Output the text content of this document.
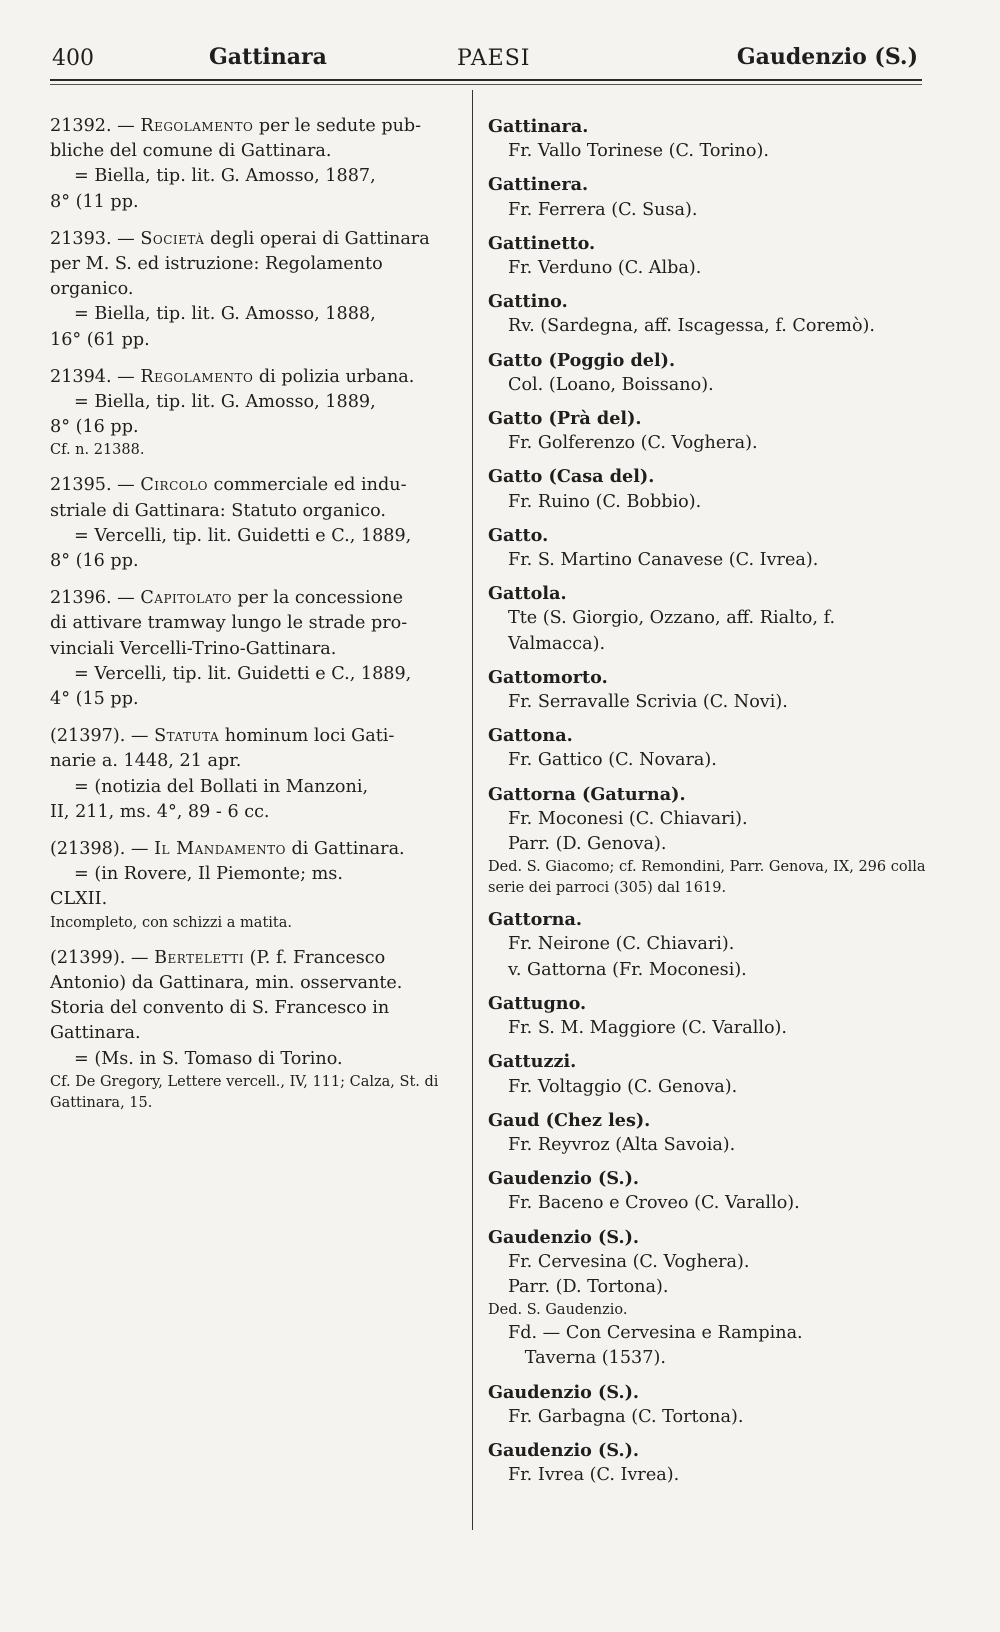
400	Gattinara	PAESI	Gaudenzio (S.)

21392. — Regolamento per le sedute pub-

bliche del comune di Gattinara.

= Biella, tip. lit. G. Amosso, 1887,

8° (11 pp.

21393. — Società degli operai di Gattinara

per M. S. ed istruzione: Regolamento

organico.

= Biella, tip. lit. G. Amosso, 1888,

16° (61 pp.

21394. — Regolamento di polizia urbana.

= Biella, tip. lit. G. Amosso, 1889,

8° (16 pp.

Cf. n. 21388.

21395. — Circolo commerciale ed indu-

striale di Gattinara: Statuto organico.

= Vercelli, tip. lit. Guidetti e C., 1889,

8° (16 pp.

21396. — Capitolato per la concessione

di attivare tramway lungo le strade pro-

vinciali Vercelli-Trino-Gattinara.

= Vercelli, tip. lit. Guidetti e C., 1889,

4° (15 pp.

(21397). — Statuta hominum loci Gati-

narie a. 1448, 21 apr.

= (notizia del Bollati in Manzoni,

II, 211, ms. 4°, 89 - 6 cc.

(21398). — Il Mandamento di Gattinara.

= (in Rovere, Il Piemonte; ms.

CLXII.

Incompleto, con schizzi a matita.

(21399). — Berteletti (P. f. Francesco

Antonio) da Gattinara, min. osservante.

Storia del convento di S. Francesco in

Gattinara.

= (Ms. in S. Tomaso di Torino.

Cf. De Gregory, Lettere vercell., IV, 111; Calza, St. di Gattinara, 15.

Gattinara.

Fr. Vallo Torinese (C. Torino).

Gattinera.

Fr. Ferrera (C. Susa).

Gattinetto.

Fr. Verduno (C. Alba).

Gattino.

Rv. (Sardegna, aff. Iscagessa, f. Coremò).

Gatto (Poggio del).

Col. (Loano, Boissano).

Gatto (Prà del).

Fr. Golferenzo (C. Voghera).

Gatto (Casa del).

Fr. Ruino (C. Bobbio).

Gatto.

Fr. S. Martino Canavese (C. Ivrea).

Gattola.

Tte (S. Giorgio, Ozzano, aff. Rialto, f.

Valmacca).

Gattomorto.

Fr. Serravalle Scrivia (C. Novi).

Gattona.

Fr. Gattico (C. Novara).

Gattorna (Gaturna).

Fr. Moconesi (C. Chiavari).

Parr. (D. Genova).

Ded. S. Giacomo; cf. Remondini, Parr. Genova, IX, 296 colla serie dei parroci (305) dal 1619.

Gattorna.

Fr. Neirone (C. Chiavari).

v. Gattorna (Fr. Moconesi).

Gattugno.

Fr. S. M. Maggiore (C. Varallo).

Gattuzzi.

Fr. Voltaggio (C. Genova).

Gaud (Chez les).

Fr. Reyvroz (Alta Savoia).

Gaudenzio (S.).

Fr. Baceno e Croveo (C. Varallo).

Gaudenzio (S.).

Fr. Cervesina (C. Voghera).

Parr. (D. Tortona).

Ded. S. Gaudenzio.

Fd. — Con Cervesina e Rampina.

Taverna (1537).

Gaudenzio (S.).

Fr. Garbagna (C. Tortona).

Gaudenzio (S.).

Fr. Ivrea (C. Ivrea).
